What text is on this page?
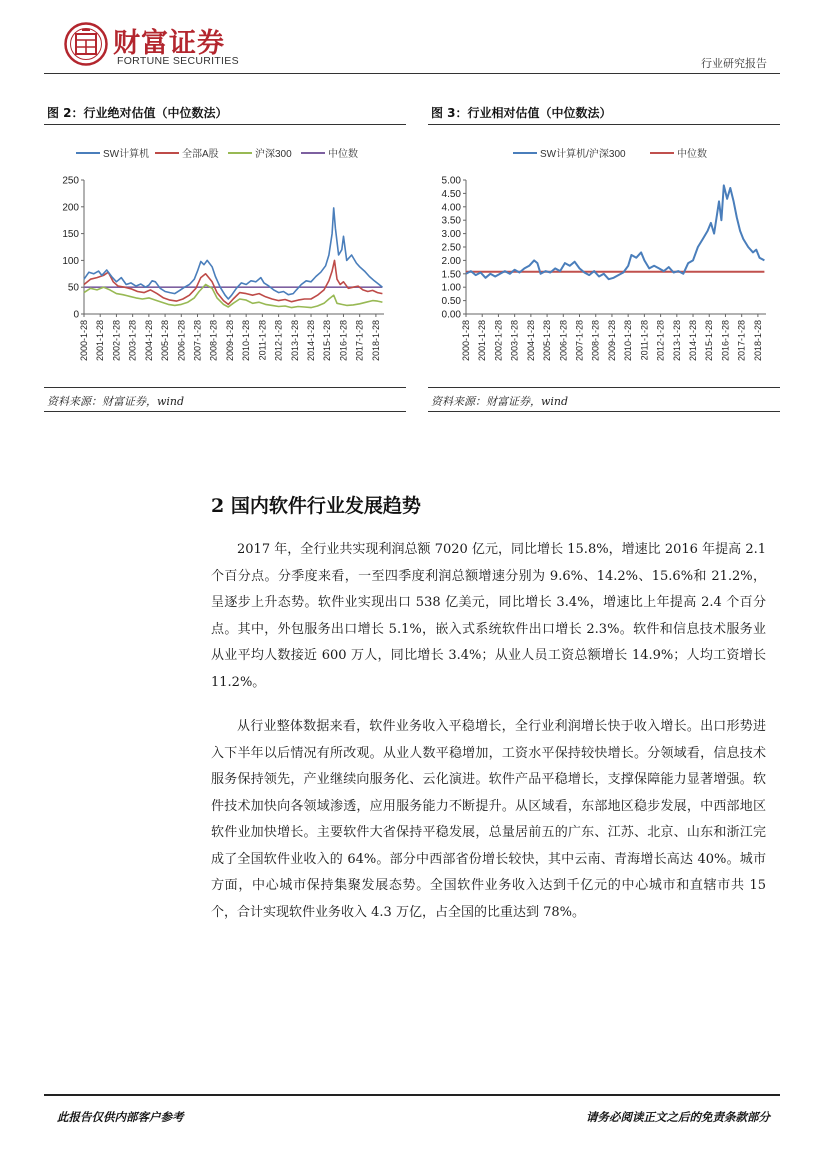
财富证券
FORTUNE SECURITIES	行业研究报告
图 2：行业绝对估值（中位数法）	图 3：行业相对估值（中位数法）
SW计算机	全部A股	沪深300	中位数
0
50
100
150
200
250
2000-1-28 2001-1-28 2002-1-28 2003-1-28 2004-1-28 2005-1-28 2006-1-28 2007-1-28 2008-1-28 2009-1-28 2010-1-28 2011-1-28 2012-1-28 2013-1-28 2014-1-28 2015-1-28 2016-1-28 2017-1-28 2018-1-28
SW计算机/沪深300	中位数
0.00
0.50
1.00
1.50
2.00
2.50
3.00
3.50
4.00
4.50
5.00
2000-1-28 2001-1-28 2002-1-28 2003-1-28 2004-1-28 2005-1-28 2006-1-28 2007-1-28 2008-1-28 2009-1-28 2010-1-28 2011-1-28 2012-1-28 2013-1-28 2014-1-28 2015-1-28 2016-1-28 2017-1-28 2018-1-28
资料来源：财富证券，wind	资料来源：财富证券，wind
2 国内软件行业发展趋势

2017 年，全行业共实现利润总额 7020 亿元，同比增长 15.8%，增速比 2016 年提高 2.1 个百分点。分季度来看，一至四季度利润总额增速分别为 9.6%、14.2%、15.6%和 21.2%，呈逐步上升态势。软件业实现出口 538 亿美元，同比增长 3.4%，增速比上年提高 2.4 个百分点。其中，外包服务出口增长 5.1%，嵌入式系统软件出口增长 2.3%。软件和信息技术服务业从业平均人数接近 600 万人，同比增长 3.4%；从业人员工资总额增长 14.9%；人均工资增长 11.2%。

从行业整体数据来看，软件业务收入平稳增长，全行业利润增长快于收入增长。出口形势进入下半年以后情况有所改观。从业人数平稳增加，工资水平保持较快增长。分领域看，信息技术服务保持领先，产业继续向服务化、云化演进。软件产品平稳增长，支撑保障能力显著增强。软件技术加快向各领域渗透，应用服务能力不断提升。从区域看，东部地区稳步发展，中西部地区软件业加快增长。主要软件大省保持平稳发展，总量居前五的广东、江苏、北京、山东和浙江完成了全国软件业收入的 64%。部分中西部省份增长较快，其中云南、青海增长高达 40%。城市方面，中心城市保持集聚发展态势。全国软件业务收入达到千亿元的中心城市和直辖市共 15 个，合计实现软件业务收入 4.3 万亿，占全国的比重达到 78%。

此报告仅供内部客户参考	请务必阅读正文之后的免责条款部分
